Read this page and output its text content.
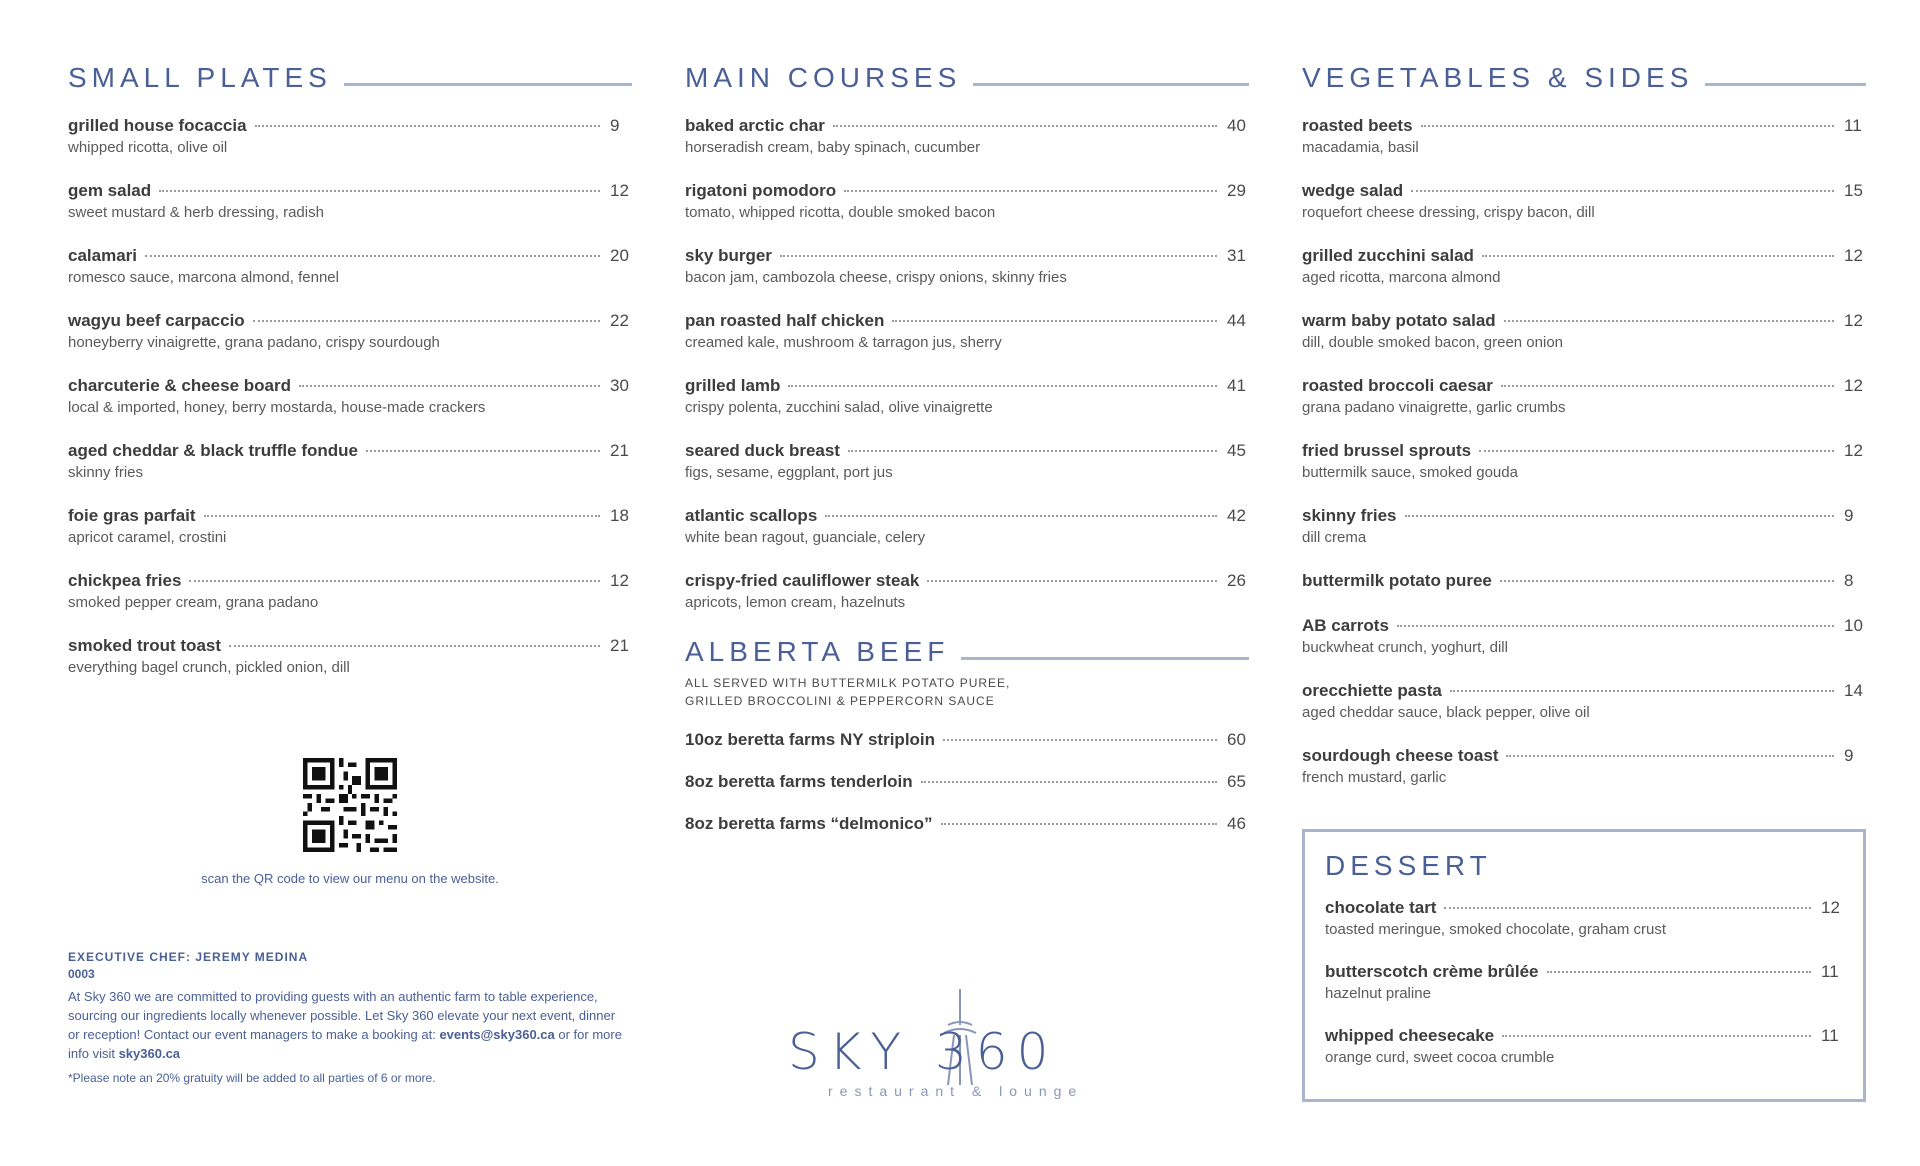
SMALL PLATES
grilled house focaccia	9
whipped ricotta, olive oil
gem salad	12
sweet mustard & herb dressing, radish
calamari	20
romesco sauce, marcona almond, fennel
wagyu beef carpaccio	22
honeyberry vinaigrette, grana padano, crispy sourdough
charcuterie & cheese board	30
local & imported, honey, berry mostarda, house-made crackers
aged cheddar & black truffle fondue	21
skinny fries
foie gras parfait	18
apricot caramel, crostini
chickpea fries	12
smoked pepper cream, grana padano
smoked trout toast	21
everything bagel crunch, pickled onion, dill
scan the QR code to view our menu on the website.
EXECUTIVE CHEF: JEREMY MEDINA
0003
At Sky 360 we are committed to providing guests with an authentic farm to table experience, sourcing our ingredients locally whenever possible. Let Sky 360 elevate your next event, dinner or reception! Contact our event managers to make a booking at: events@sky360.ca or for more info visit sky360.ca
*Please note an 20% gratuity will be added to all parties of 6 or more.
MAIN COURSES
baked arctic char	40
horseradish cream, baby spinach, cucumber
rigatoni pomodoro	29
tomato, whipped ricotta, double smoked bacon
sky burger	31
bacon jam, cambozola cheese, crispy onions, skinny fries
pan roasted half chicken	44
creamed kale, mushroom & tarragon jus, sherry
grilled lamb	41
crispy polenta, zucchini salad, olive vinaigrette
seared duck breast	45
figs, sesame, eggplant, port jus
atlantic scallops	42
white bean ragout, guanciale, celery
crispy-fried cauliflower steak	26
apricots, lemon cream, hazelnuts
ALBERTA BEEF
ALL SERVED WITH BUTTERMILK POTATO PUREE,
GRILLED BROCCOLINI & PEPPERCORN SAUCE
10oz beretta farms NY striploin	60
8oz beretta farms tenderloin	65
8oz beretta farms “delmonico”	46
SKY 360
restaurant & lounge
VEGETABLES & SIDES
roasted beets	11
macadamia, basil
wedge salad	15
roquefort cheese dressing, crispy bacon, dill
grilled zucchini salad	12
aged ricotta, marcona almond
warm baby potato salad	12
dill, double smoked bacon, green onion
roasted broccoli caesar	12
grana padano vinaigrette, garlic crumbs
fried brussel sprouts	12
buttermilk sauce, smoked gouda
skinny fries	9
dill crema
buttermilk potato puree	8
AB carrots	10
buckwheat crunch, yoghurt, dill
orecchiette pasta	14
aged cheddar sauce, black pepper, olive oil
sourdough cheese toast	9
french mustard, garlic
DESSERT
chocolate tart	12
toasted meringue, smoked chocolate, graham crust
butterscotch crème brûlée	11
hazelnut praline
whipped cheesecake	11
orange curd, sweet cocoa crumble
